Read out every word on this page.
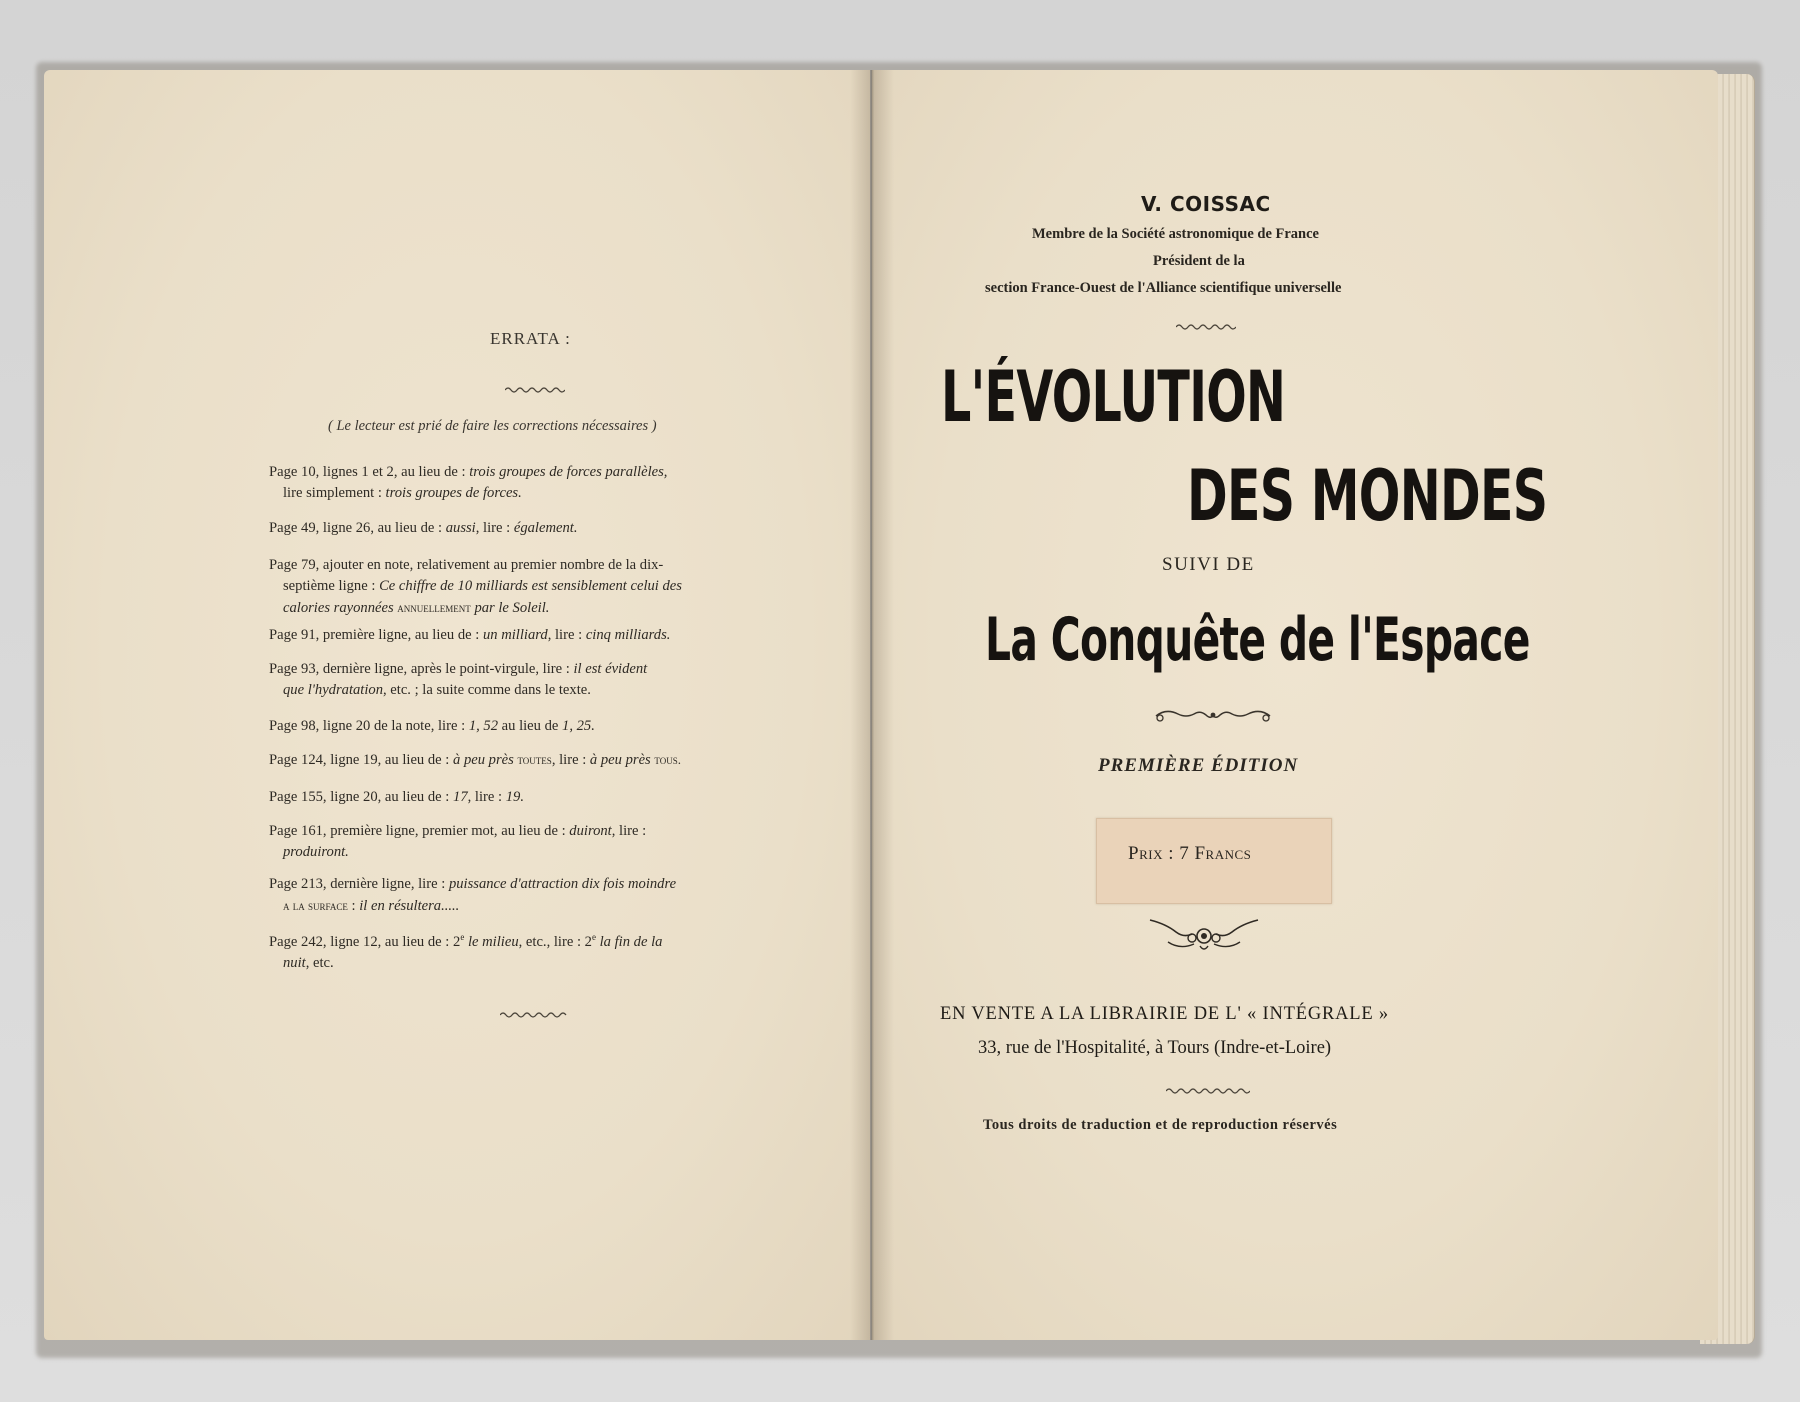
ERRATA :
( Le lecteur est prié de faire les corrections nécessaires )
Page 10, lignes 1 et 2, au lieu de : trois groupes de forces parallèles,
lire simplement : trois groupes de forces.
Page 49, ligne 26, au lieu de : aussi, lire : également.
Page 79, ajouter en note, relativement au premier nombre de la dix-
septième ligne : Ce chiffre de 10 milliards est sensiblement celui des
calories rayonnées annuellement par le Soleil.
Page 91, première ligne, au lieu de : un milliard, lire : cinq milliards.
Page 93, dernière ligne, après le point-virgule, lire : il est évident
que l'hydratation, etc. ; la suite comme dans le texte.
Page 98, ligne 20 de la note, lire : 1, 52 au lieu de 1, 25.
Page 124, ligne 19, au lieu de : à peu près toutes, lire : à peu près tous.
Page 155, ligne 20, au lieu de : 17, lire : 19.
Page 161, première ligne, premier mot, au lieu de : duiront, lire :
produiront.
Page 213, dernière ligne, lire : puissance d'attraction dix fois moindre
a la surface : il en résultera.....
Page 242, ligne 12, au lieu de : 2e le milieu, etc., lire : 2e la fin de la
nuit, etc.
V. COISSAC
Membre de la Société astronomique de France
Président de la
section France-Ouest de l'Alliance scientifique universelle
L'ÉVOLUTION
DES MONDES
SUIVI DE
La Conquête de l'Espace
PREMIÈRE ÉDITION
Prix : 7 Francs
EN VENTE A LA LIBRAIRIE DE L' « INTÉGRALE »
33, rue de l'Hospitalité, à Tours (Indre-et-Loire)
Tous droits de traduction et de reproduction réservés
